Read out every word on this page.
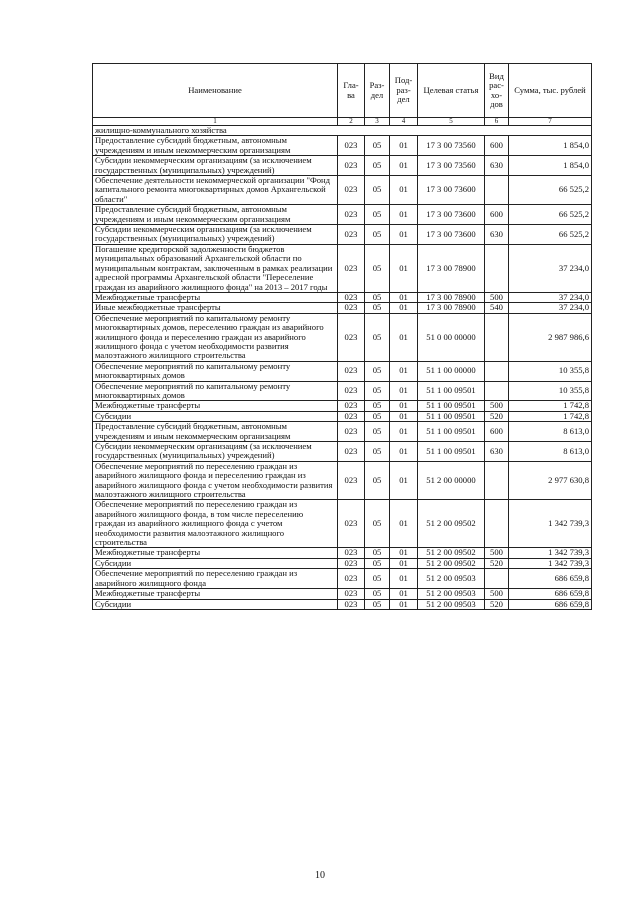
Наименование	Гла-ва	Раз-дел	Под-раз-дел	Целевая статья	Вид рас-хо-дов	Сумма, тыс. рублей
1	2	3	4	5	6	7
жилищно-коммунального хозяйства						
Предоставление субсидий бюджетным, автономным учреждениям и иным некоммерческим организациям	023	05	01	17 3 00 73560	600	1 854,0
Субсидии некоммерческим организациям (за исключением государственных (муниципальных) учреждений)	023	05	01	17 3 00 73560	630	1 854,0
Обеспечение деятельности некоммерческой организации "Фонд капитального ремонта многоквартирных домов Архангельской области"	023	05	01	17 3 00 73600		66 525,2
Предоставление субсидий бюджетным, автономным учреждениям и иным некоммерческим организациям	023	05	01	17 3 00 73600	600	66 525,2
Субсидии некоммерческим организациям (за исключением государственных (муниципальных) учреждений)	023	05	01	17 3 00 73600	630	66 525,2
Погашение кредиторской задолженности бюджетов муниципальных образований Архангельской области по муниципальным контрактам, заключенным в рамках реализации адресной программы Архангельской области "Переселение граждан из аварийного жилищного фонда" на 2013 – 2017 годы	023	05	01	17 3 00 78900		37 234,0
Межбюджетные трансферты	023	05	01	17 3 00 78900	500	37 234,0
Иные межбюджетные трансферты	023	05	01	17 3 00 78900	540	37 234,0
Обеспечение мероприятий по капитальному ремонту многоквартирных домов, переселению граждан из аварийного жилищного фонда и переселению граждан из аварийного жилищного фонда с учетом необходимости развития малоэтажного жилищного строительства	023	05	01	51 0 00 00000		2 987 986,6
Обеспечение мероприятий по капитальному ремонту многоквартирных домов	023	05	01	51 1 00 00000		10 355,8
Обеспечение мероприятий по капитальному ремонту многоквартирных домов	023	05	01	51 1 00 09501		10 355,8
Межбюджетные трансферты	023	05	01	51 1 00 09501	500	1 742,8
Субсидии	023	05	01	51 1 00 09501	520	1 742,8
Предоставление субсидий бюджетным, автономным учреждениям и иным некоммерческим организациям	023	05	01	51 1 00 09501	600	8 613,0
Субсидии некоммерческим организациям (за исключением государственных (муниципальных) учреждений)	023	05	01	51 1 00 09501	630	8 613,0
Обеспечение мероприятий по переселению граждан из аварийного жилищного фонда и переселению граждан из аварийного жилищного фонда с учетом необходимости развития малоэтажного жилищного строительства	023	05	01	51 2 00 00000		2 977 630,8
Обеспечение мероприятий по переселению граждан из аварийного жилищного фонда, в том числе переселению граждан из аварийного жилищного фонда с учетом необходимости развития малоэтажного жилищного строительства	023	05	01	51 2 00 09502		1 342 739,3
Межбюджетные трансферты	023	05	01	51 2 00 09502	500	1 342 739,3
Субсидии	023	05	01	51 2 00 09502	520	1 342 739,3
Обеспечение мероприятий по переселению граждан из аварийного жилищного фонда	023	05	01	51 2 00 09503		686 659,8
Межбюджетные трансферты	023	05	01	51 2 00 09503	500	686 659,8
Субсидии	023	05	01	51 2 00 09503	520	686 659,8
10
